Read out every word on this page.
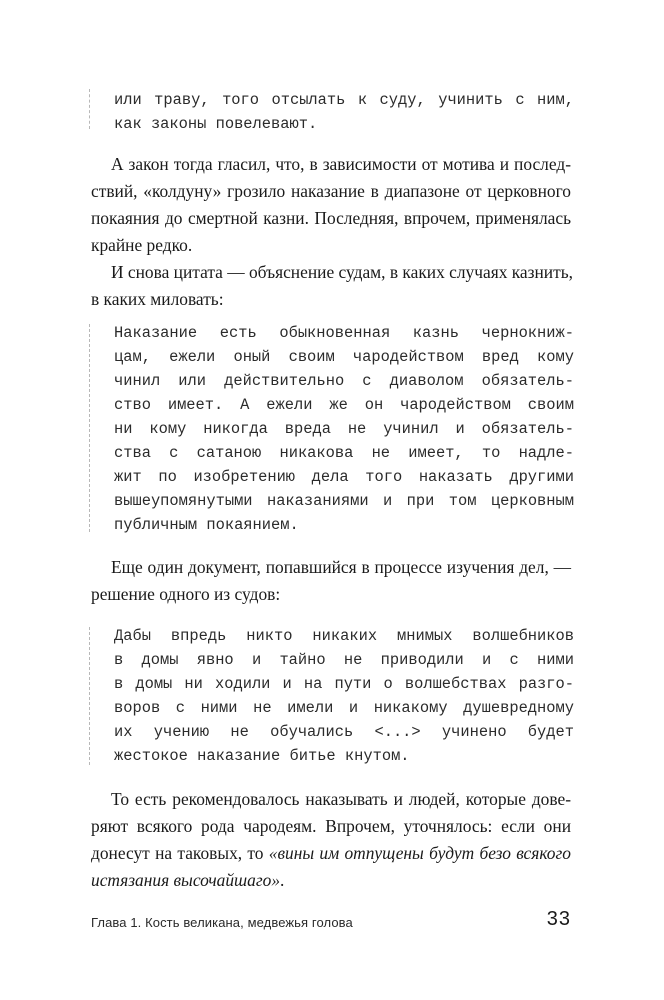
или траву, того отсылать к суду, учинить с ним,
как законы повелевают.
А закон тогда гласил, что, в зависимости от мотива и послед-
ствий, «колдуну» грозило наказание в диапазоне от церковного
покаяния до смертной казни. Последняя, впрочем, применялась
крайне редко.
И снова цитата — объяснение судам, в каких случаях казнить,
в каких миловать:
Наказание есть обыкновенная казнь чернокниж-
цам, ежели оный своим чародейством вред кому
чинил или действительно с диаволом обязатель-
ство имеет. А ежели же он чародейством своим
ни кому никогда вреда не учинил и обязатель-
ства с сатаною никакова не имеет, то надле-
жит по изобретению дела того наказать другими
вышеупомянутыми наказаниями и при том церковным
публичным покаянием.
Еще один документ, попавшийся в процессе изучения дел, —
решение одного из судов:
Дабы впредь никто никаких мнимых волшебников
в домы явно и тайно не приводили и с ними
в домы ни ходили и на пути о волшебствах разго-
воров с ними не имели и никакому душевредному
их учению не обучались <...> учинено будет
жестокое наказание битье кнутом.
То есть рекомендовалось наказывать и людей, которые дове-
ряют всякого рода чародеям. Впрочем, уточнялось: если они
донесут на таковых, то «вины им отпущены будут безо всякого
истязания высочайшаго».
Глава 1. Кость великана, медвежья голова	33
